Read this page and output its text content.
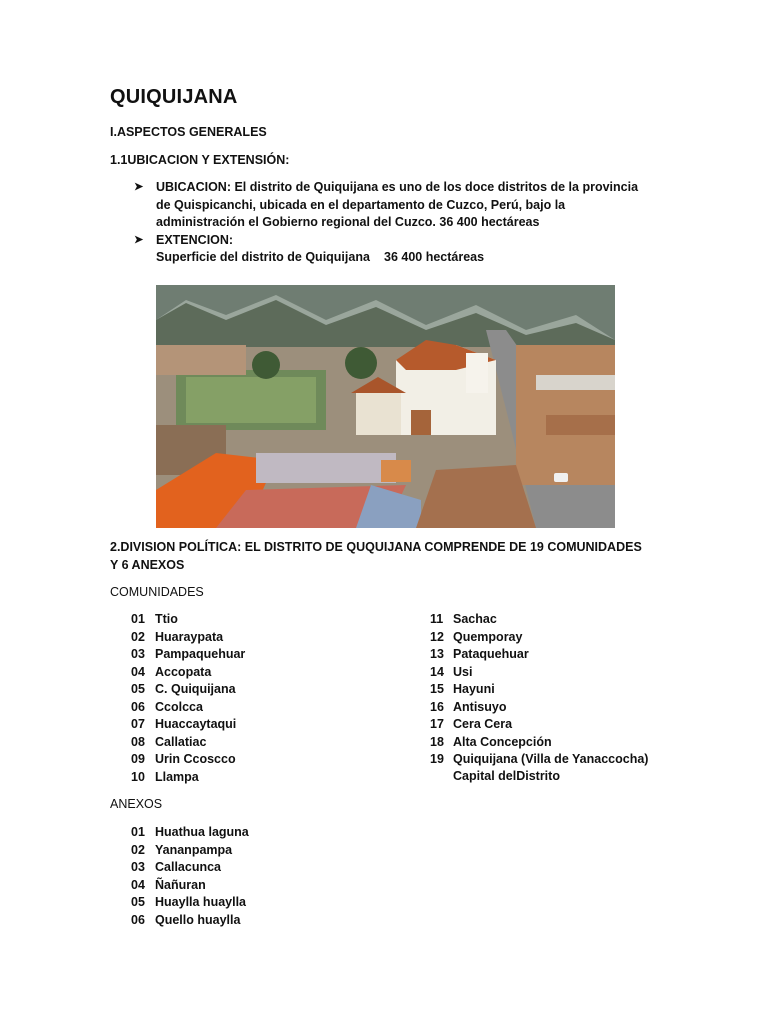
QUIQUIJANA
I.ASPECTOS GENERALES
1.1UBICACION Y EXTENSIÓN:
➤ UBICACION: El distrito de Quiquijana es uno de los doce distritos de la provincia de Quispicanchi, ubicada en el departamento de Cuzco, Perú, bajo la administración el Gobierno regional del Cuzco. 36 400 hectáreas
➤ EXTENCION:
Superficie del distrito de Quiquijana	36 400 hectáreas
2.DIVISION POLÍTICA: EL DISTRITO DE QUQUIJANA COMPRENDE DE 19 COMUNIDADES Y 6 ANEXOS
COMUNIDADES
01 Ttio
02 Huaraypata
03 Pampaquehuar
04 Accopata
05 C. Quiquijana
06 Ccolcca
07 Huaccaytaqui
08 Callatiac
09 Urin Ccoscco
10 Llampa
11 Sachac
12 Quemporay
13 Pataquehuar
14 Usi
15 Hayuni
16 Antisuyo
17 Cera Cera
18 Alta Concepción
19 Quiquijana (Villa de Yanaccocha)
Capital delDistrito
ANEXOS
01 Huathua laguna
02 Yananpampa
03 Callacunca
04 Ñañuran
05 Huaylla huaylla
06 Quello huaylla
